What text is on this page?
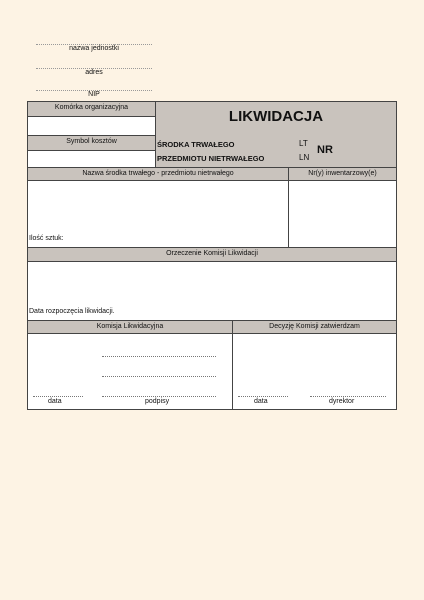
nazwa jednostki
adres
NIP
Komórka organizacyjna
Symbol kosztów
LIKWIDACJA
ŚRODKA TRWAŁEGO
PRZEDMIOTU NIETRWAŁEGO
LT
LN
NR
Nazwa środka trwałego - przedmiotu nietrwałego	Nr(y) inwentarzowy(e)
Ilość sztuk:
Orzeczenie Komisji Likwidacji
Data rozpoczęcia likwidacji.
Komisja Likwidacyjna	Decyzję Komisji zatwierdzam
data	podpisy	data	dyrektor
